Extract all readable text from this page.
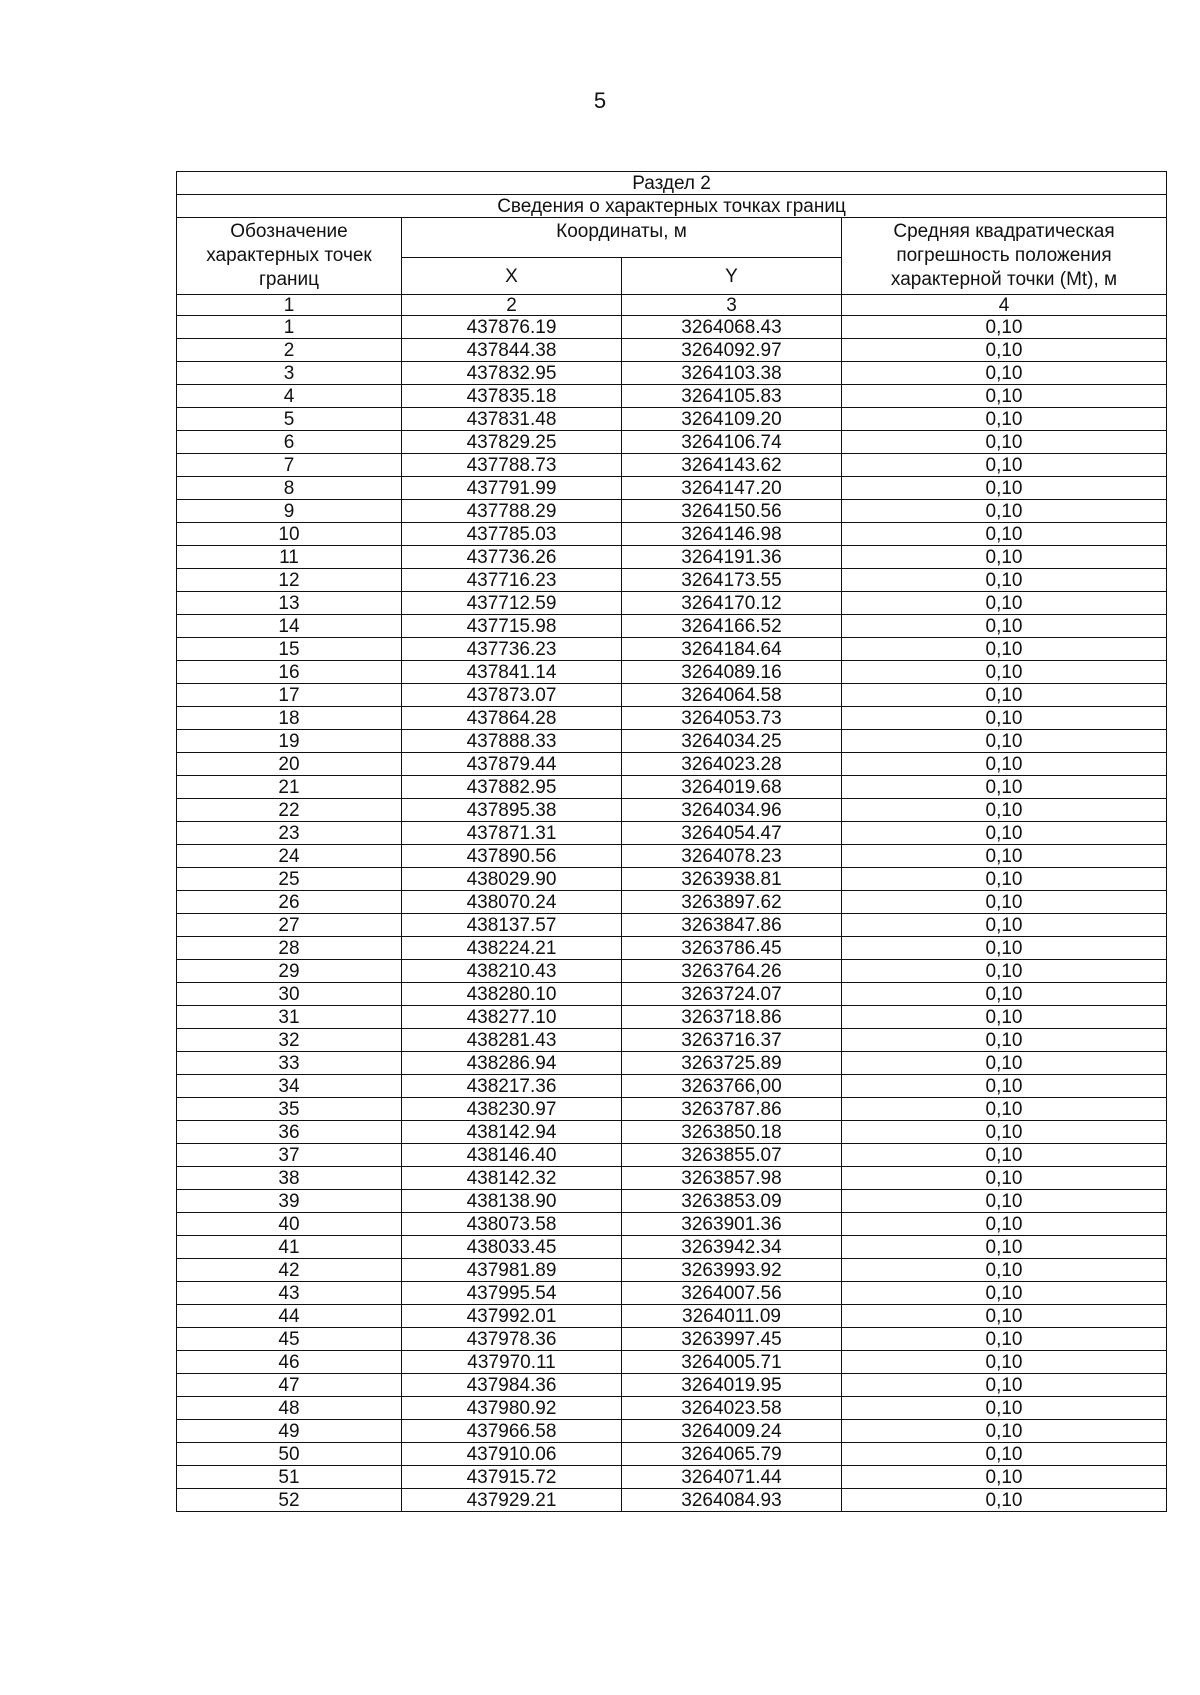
5
Раздел 2			
Сведения о характерных точках границ			
Обозначение характерных точек границ	Координаты, м		Средняя квадратическая погрешность положения характерной точки (Mt), м
	X	Y	
1	2	3	4
1	437876.19	3264068.43	0,10
2	437844.38	3264092.97	0,10
3	437832.95	3264103.38	0,10
4	437835.18	3264105.83	0,10
5	437831.48	3264109.20	0,10
6	437829.25	3264106.74	0,10
7	437788.73	3264143.62	0,10
8	437791.99	3264147.20	0,10
9	437788.29	3264150.56	0,10
10	437785.03	3264146.98	0,10
11	437736.26	3264191.36	0,10
12	437716.23	3264173.55	0,10
13	437712.59	3264170.12	0,10
14	437715.98	3264166.52	0,10
15	437736.23	3264184.64	0,10
16	437841.14	3264089.16	0,10
17	437873.07	3264064.58	0,10
18	437864.28	3264053.73	0,10
19	437888.33	3264034.25	0,10
20	437879.44	3264023.28	0,10
21	437882.95	3264019.68	0,10
22	437895.38	3264034.96	0,10
23	437871.31	3264054.47	0,10
24	437890.56	3264078.23	0,10
25	438029.90	3263938.81	0,10
26	438070.24	3263897.62	0,10
27	438137.57	3263847.86	0,10
28	438224.21	3263786.45	0,10
29	438210.43	3263764.26	0,10
30	438280.10	3263724.07	0,10
31	438277.10	3263718.86	0,10
32	438281.43	3263716.37	0,10
33	438286.94	3263725.89	0,10
34	438217.36	3263766,00	0,10
35	438230.97	3263787.86	0,10
36	438142.94	3263850.18	0,10
37	438146.40	3263855.07	0,10
38	438142.32	3263857.98	0,10
39	438138.90	3263853.09	0,10
40	438073.58	3263901.36	0,10
41	438033.45	3263942.34	0,10
42	437981.89	3263993.92	0,10
43	437995.54	3264007.56	0,10
44	437992.01	3264011.09	0,10
45	437978.36	3263997.45	0,10
46	437970.11	3264005.71	0,10
47	437984.36	3264019.95	0,10
48	437980.92	3264023.58	0,10
49	437966.58	3264009.24	0,10
50	437910.06	3264065.79	0,10
51	437915.72	3264071.44	0,10
52	437929.21	3264084.93	0,10
